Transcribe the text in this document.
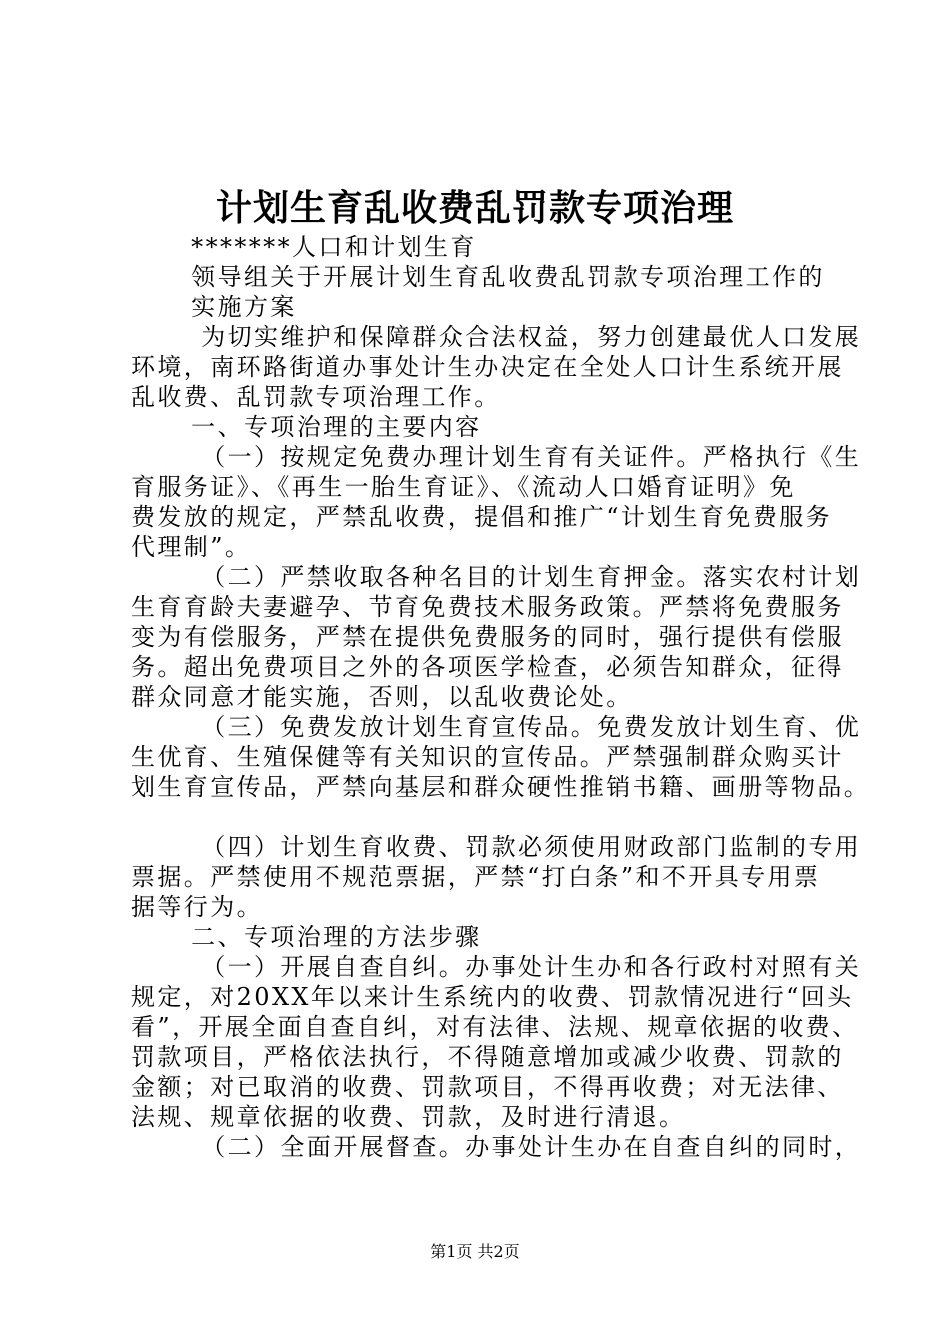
计划生育乱收费乱罚款专项治理

*******人口和计划生育

领导组关于开展计划生育乱收费乱罚款专项治理工作的

实施方案

为切实维护和保障群众合法权益，努力创建最优人口发展

环境，南环路街道办事处计生办决定在全处人口计生系统开展

乱收费、乱罚款专项治理工作。

一、专项治理的主要内容

（一）按规定免费办理计划生育有关证件。严格执行《生

育服务证》、《再生一胎生育证》、《流动人口婚育证明》免

费发放的规定，严禁乱收费，提倡和推广“计划生育免费服务

代理制”。

（二）严禁收取各种名目的计划生育押金。落实农村计划

生育育龄夫妻避孕、节育免费技术服务政策。严禁将免费服务

变为有偿服务，严禁在提供免费服务的同时，强行提供有偿服

务。超出免费项目之外的各项医学检查，必须告知群众，征得

群众同意才能实施，否则，以乱收费论处。

（三）免费发放计划生育宣传品。免费发放计划生育、优

生优育、生殖保健等有关知识的宣传品。严禁强制群众购买计

划生育宣传品，严禁向基层和群众硬性推销书籍、画册等物品。

（四）计划生育收费、罚款必须使用财政部门监制的专用

票据。严禁使用不规范票据，严禁“打白条”和不开具专用票

据等行为。

二、专项治理的方法步骤

（一）开展自查自纠。办事处计生办和各行政村对照有关

规定，对20XX年以来计生系统内的收费、罚款情况进行“回头

看”，开展全面自查自纠，对有法律、法规、规章依据的收费、

罚款项目，严格依法执行，不得随意增加或减少收费、罚款的

金额；对已取消的收费、罚款项目，不得再收费；对无法律、

法规、规章依据的收费、罚款，及时进行清退。

（二）全面开展督查。办事处计生办在自查自纠的同时，

第1页 共2页
